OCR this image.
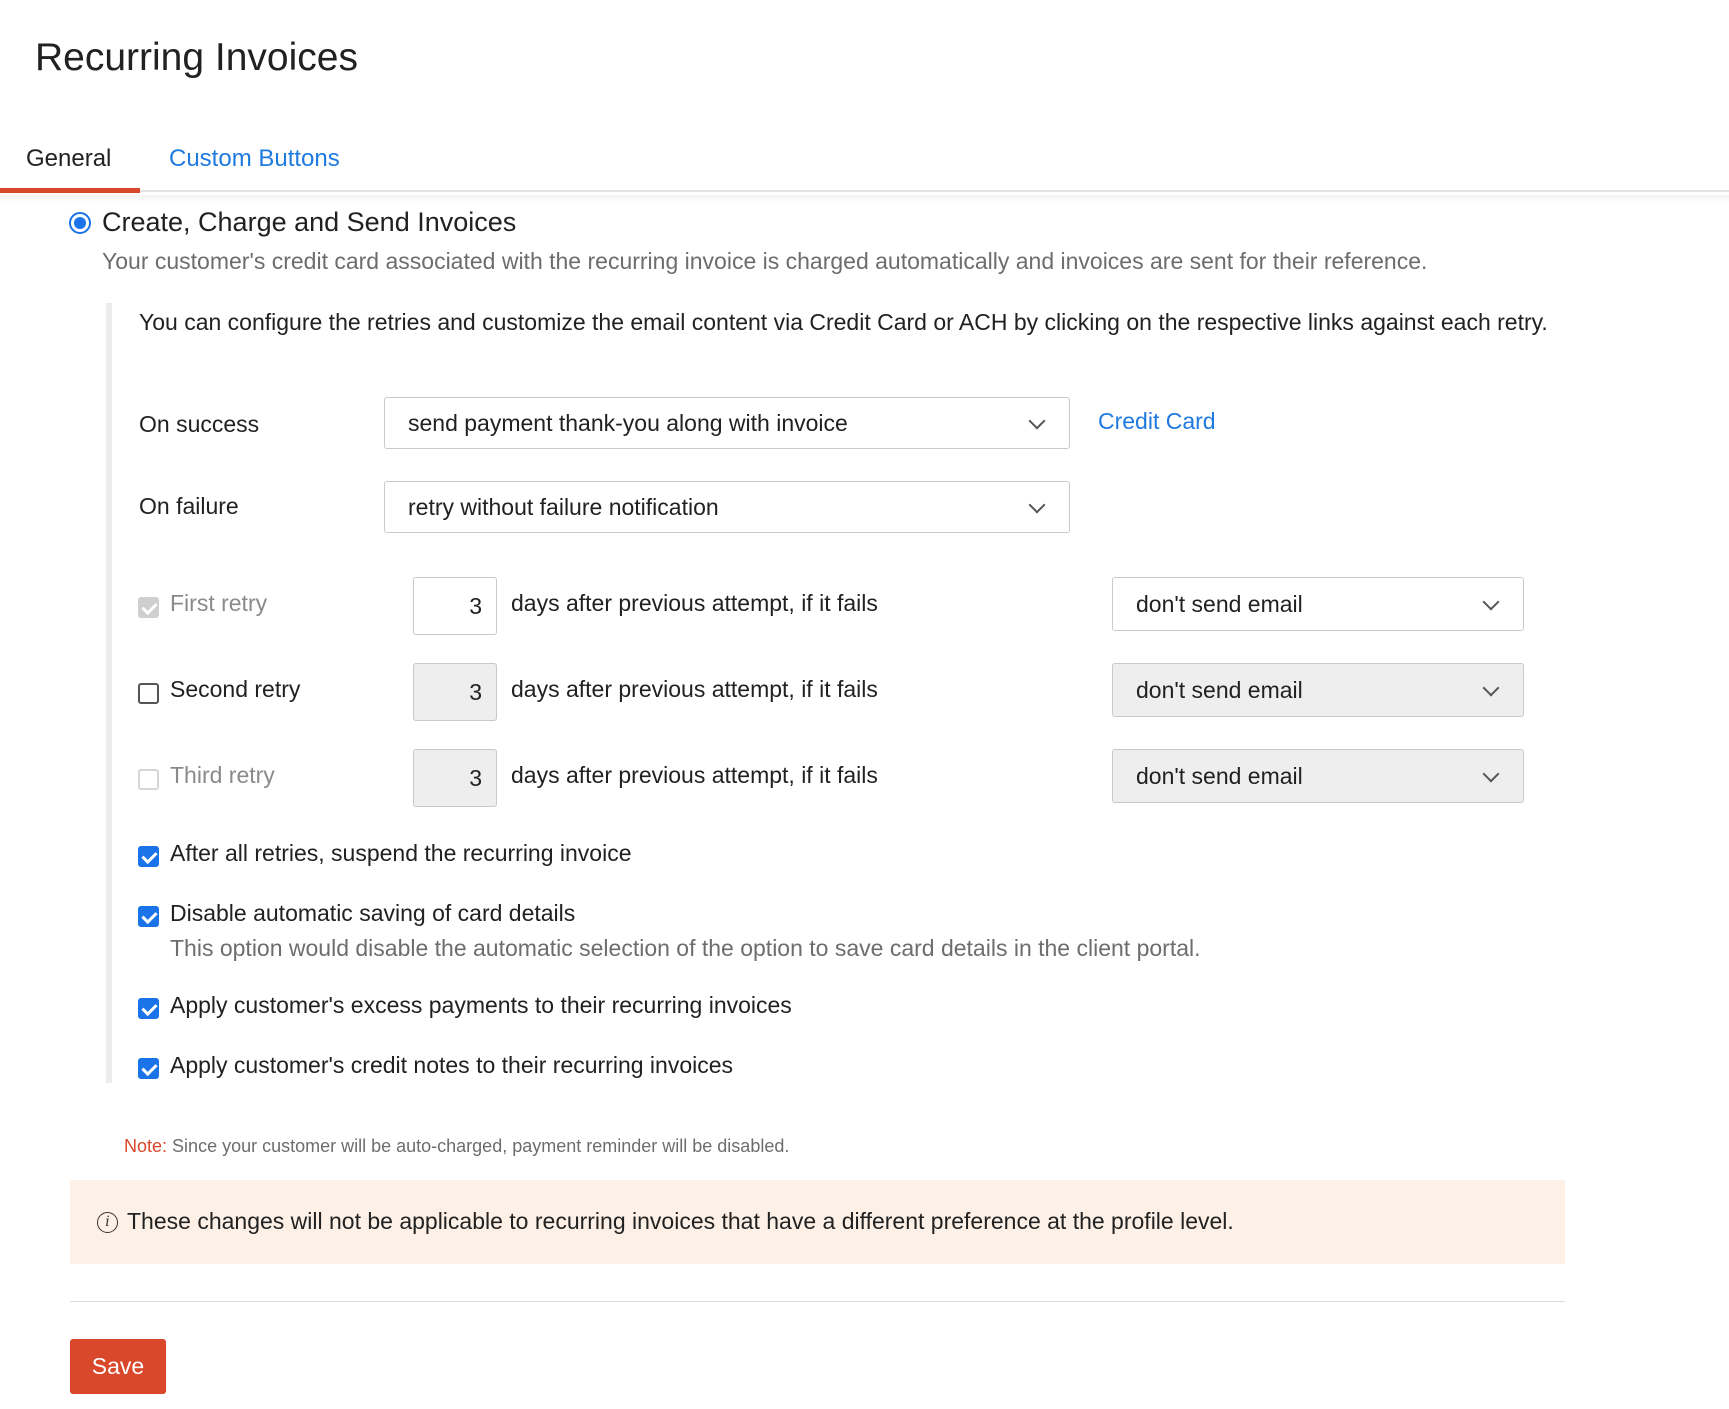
Recurring Invoices
General Custom Buttons
Create, Charge and Send Invoices
Your customer's credit card associated with the recurring invoice is charged automatically and invoices are sent for their reference.
You can configure the retries and customize the email content via Credit Card or ACH by clicking on the respective links against each retry.
On success	send payment thank-you along with invoice	Credit Card
On failure	retry without failure notification
First retry	3	days after previous attempt, if it fails	don't send email
Second retry	3	days after previous attempt, if it fails	don't send email
Third retry	3	days after previous attempt, if it fails	don't send email
After all retries, suspend the recurring invoice
Disable automatic saving of card details
This option would disable the automatic selection of the option to save card details in the client portal.
Apply customer's excess payments to their recurring invoices
Apply customer's credit notes to their recurring invoices
Note: Since your customer will be auto-charged, payment reminder will be disabled.
i These changes will not be applicable to recurring invoices that have a different preference at the profile level.
Save
